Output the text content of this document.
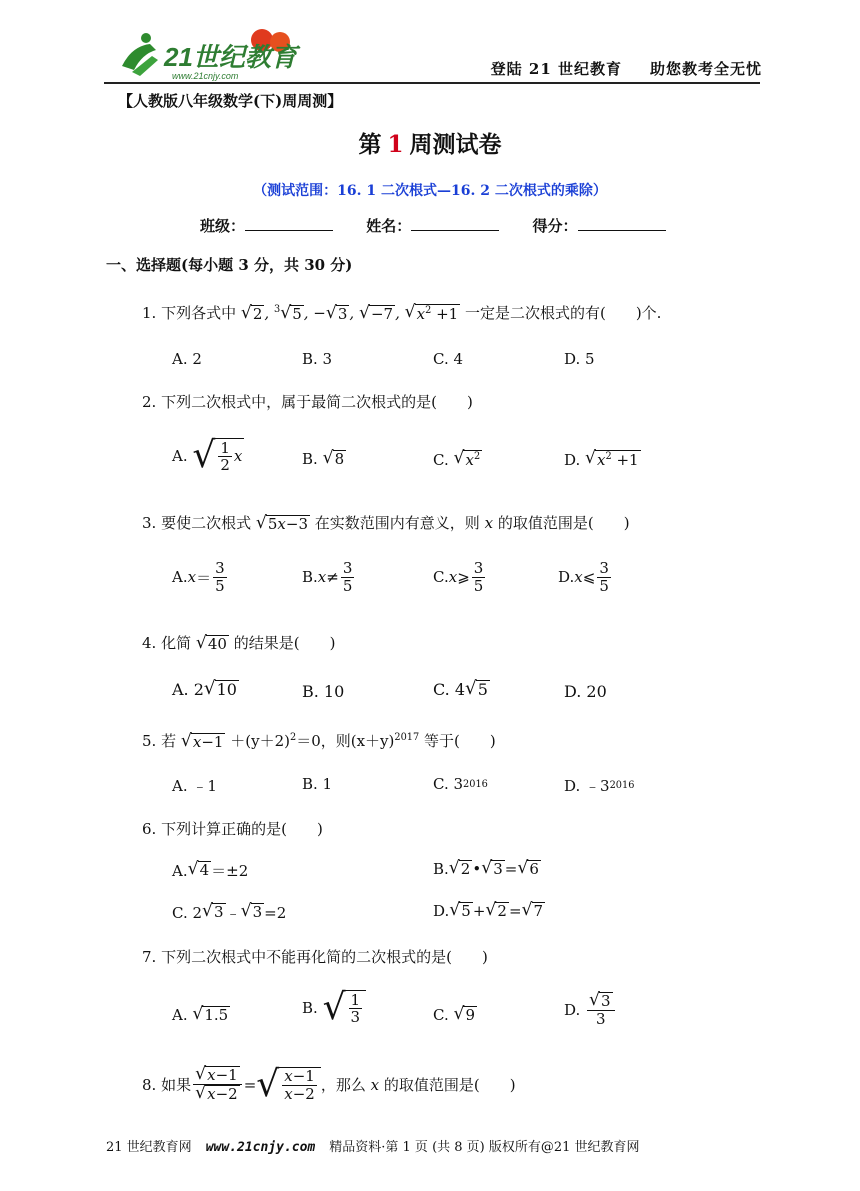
21世纪教育
www.21cnjy.com	登陆 21 世纪教育 助您教考全无忧
【人教版八年级数学(下)周周测】
第 1 周测试卷
（测试范围：16. 1 二次根式—16. 2 二次根式的乘除）
班级：	姓名：	得分：
一、选择题(每小题 3 分，共 30 分)
1. 下列各式中 √ 2 , $^3$ √ 5 , − √ 3 , √ −7 , √ $x^2 +1$ 一定是二次根式的有( )个.
A. 2	B. 3	C. 4	D. 5
2. 下列二次根式中，属于最简二次根式的是( )
A. √ $\frac{1}{2}$ x	B. √ 8	C. √ $x^2$	D. √ $x^2 +1$
3. 要使二次根式 √ 5x−3 在实数范围内有意义，则 x 的取值范围是( )
A. $x = \frac{3}{5}$	B. $x \ne \frac{3}{5}$	C. x ⩾ $\frac{3}{5}$	D. x ⩽ $\frac{3}{5}$
4. 化简 √ 40 的结果是( )
A. 2 √ 10	B. 10	C. 4 √ 5	D. 20
5. 若 √ $x-1 +(y+2)^2=0$，则$(x+y)^{2017}$ 等于( )
A. ﹣1	B. 1	C. 3 2016	D. ﹣3 2016
6. 下列计算正确的是( )
A. √ 4 ＝±2	B. √ 2 • √ 3 = √ 6
C. 2 √ 3 ﹣ √ 3 =2	D. √ 5 + √ 2 = √ 7
7. 下列二次根式中不能再化简的二次根式的是( )
A. √ 1.5	B. √ $\frac{1}{3}$	C. √ 9	D. $\frac{√ 3}{3}$
8. 如果 $\frac{√ x-1}{√ x-2}$ = √ $\frac{x-1}{x-2}$ ，那么
x
的取值范围是( )
21 世纪教育网 www.21cnjy.com 精品资料·第 1 页 (共 8 页) 版权所有@21 世纪教育网
